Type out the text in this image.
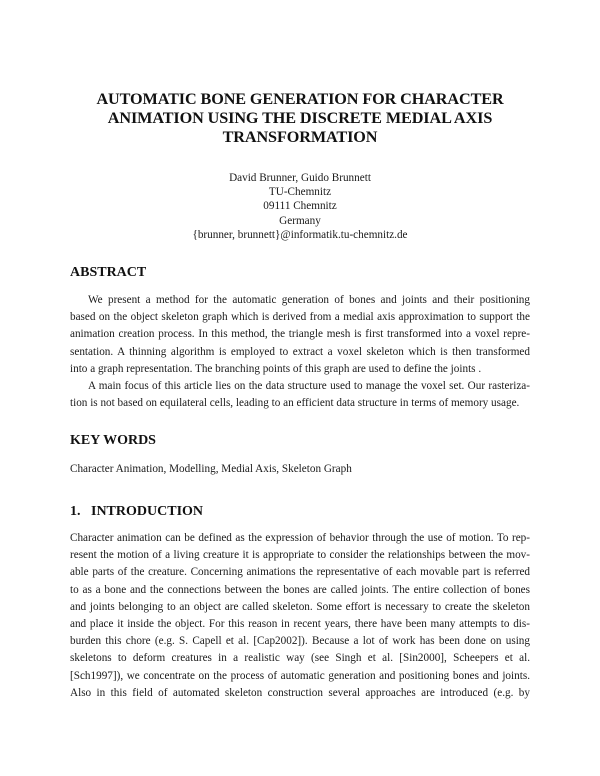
AUTOMATIC BONE GENERATION FOR CHARACTER
ANIMATION USING THE DISCRETE MEDIAL AXIS
TRANSFORMATION
David Brunner, Guido Brunnett
TU-Chemnitz
09111 Chemnitz
Germany
{brunner, brunnett}@informatik.tu-chemnitz.de
ABSTRACT
We present a method for the automatic generation of bones and joints and their positioning
based on the object skeleton graph which is derived from a medial axis approximation to support the
animation creation process. In this method, the triangle mesh is first transformed into a voxel repre-
sentation. A thinning algorithm is employed to extract a voxel skeleton which is then transformed
into a graph representation. The branching points of this graph are used to define the joints .
A main focus of this article lies on the data structure used to manage the voxel set. Our rasteriza-
tion is not based on equilateral cells, leading to an efficient data structure in terms of memory usage.
KEY WORDS
Character Animation, Modelling, Medial Axis, Skeleton Graph
1.   INTRODUCTION
Character animation can be defined as the expression of behavior through the use of motion. To rep-
resent the motion of a living creature it is appropriate to consider the relationships between the mov-
able parts of the creature. Concerning animations the representative of each movable part is referred
to as a bone and the connections between the bones are called joints. The entire collection of bones
and joints belonging to an object are called skeleton. Some effort is necessary to create the skeleton
and place it inside the object. For this reason in recent years, there have been many attempts to dis-
burden this chore (e.g. S. Capell et al. [Cap2002]). Because a lot of work has been done on using
skeletons to deform creatures in a realistic way (see Singh et al. [Sin2000], Scheepers et al.
[Sch1997]), we concentrate on the process of automatic generation and positioning bones and joints.
Also in this field of automated skeleton construction several approaches are introduced (e.g. by
